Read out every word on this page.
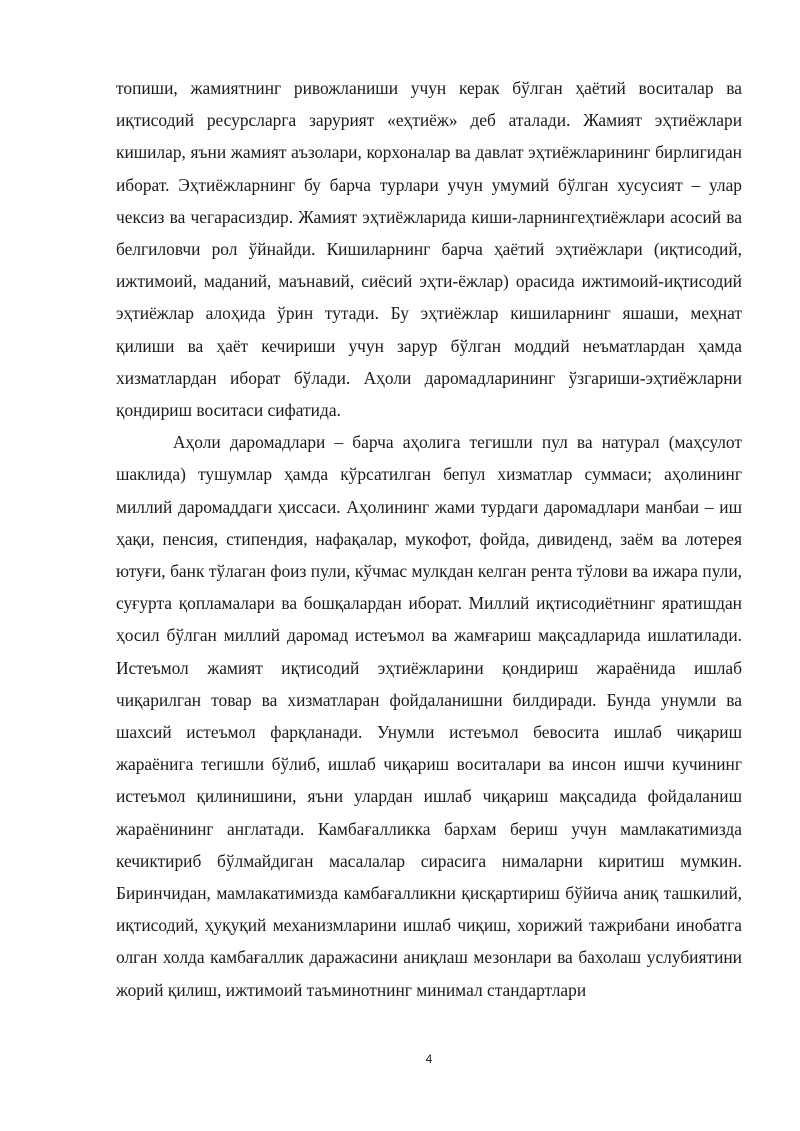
топиши, жамиятнинг ривожланиши учун керак бўлган ҳаётий воситалар ва иқтисодий ресурсларга зарурият «eҳтиёж» деб аталади. Жамият эҳтиёжлари кишилар, яъни жамият аъзолари, корхоналар ва давлат эҳтиёжларининг бирлигидан иборат. Эҳтиёжларнинг бу барча турлари учун умумий бўлган хусусият – улар чексиз ва чегарасиздир. Жамият эҳтиёжларида киши-ларнингеҳтиёжлари асосий ва белгиловчи рол ўйнайди. Кишиларнинг барча ҳаётий эҳтиёжлари (иқтисодий, ижтимоий, маданий, маънавий, сиёсий эҳти-ёжлар) орасида ижтимоий-иқтисодий эҳтиёжлар алоҳида ўрин тутади. Бу эҳтиёжлар кишиларнинг яшаши, меҳнат қилиши ва ҳаёт кечириши учун зарур бўлган моддий неъматлардан ҳамда хизматлардан иборат бўлади. Аҳоли даромадларининг ўзгариши-эҳтиёжларни қондириш воситаси сифатида.

Аҳоли даромадлари – барча аҳолига тегишли пул ва натурал (маҳсулот шаклида) тушумлар ҳамда кўрсатилган бепул хизматлар суммаси; аҳолининг миллий даромаддаги ҳиссаси. Аҳолининг жами турдаги даромадлари манбаи – иш ҳақи, пенсия, стипендия, нафақалар, мукофот, фойда, дивиденд, заём ва лотерея ютуғи, банк тўлаган фоиз пули, кўчмас мулкдан келган рента тўлови ва ижара пули, суғурта қопламалари ва бошқалардан иборат. Миллий иқтисодиётнинг яратишдан ҳосил бўлган миллий даромад истеъмол ва жамғариш мақсадларида ишлатилади. Истеъмол жамият иқтисодий эҳтиёжларини қондириш жараёнида ишлаб чиқарилган товар ва хизматларан фойдаланишни билдиради. Бунда унумли ва шахсий истеъмол фарқланади. Унумли истеъмол бевосита ишлаб чиқариш жараёнига тегишли бўлиб, ишлаб чиқариш воситалари ва инсон ишчи кучининг истеъмол қилинишини, яъни улардан ишлаб чиқариш мақсадида фойдаланиш жараёнининг англатади. Камбағалликка бархам бериш учун мамлакатимизда кечиктириб бўлмайдиган масалалар сирасига нималарни киритиш мумкин. Биринчидан, мамлакатимизда камбағалликни қисқартириш бўйича аниқ ташкилий, иқтисодий, ҳуқуқий механизмларини ишлаб чиқиш, хорижий тажрибани инобатга олган холда камбағаллик даражасини аниқлаш мезонлари ва бахолаш услубиятини жорий қилиш, ижтимоий таъминотнинг минимал стандартлари

4
